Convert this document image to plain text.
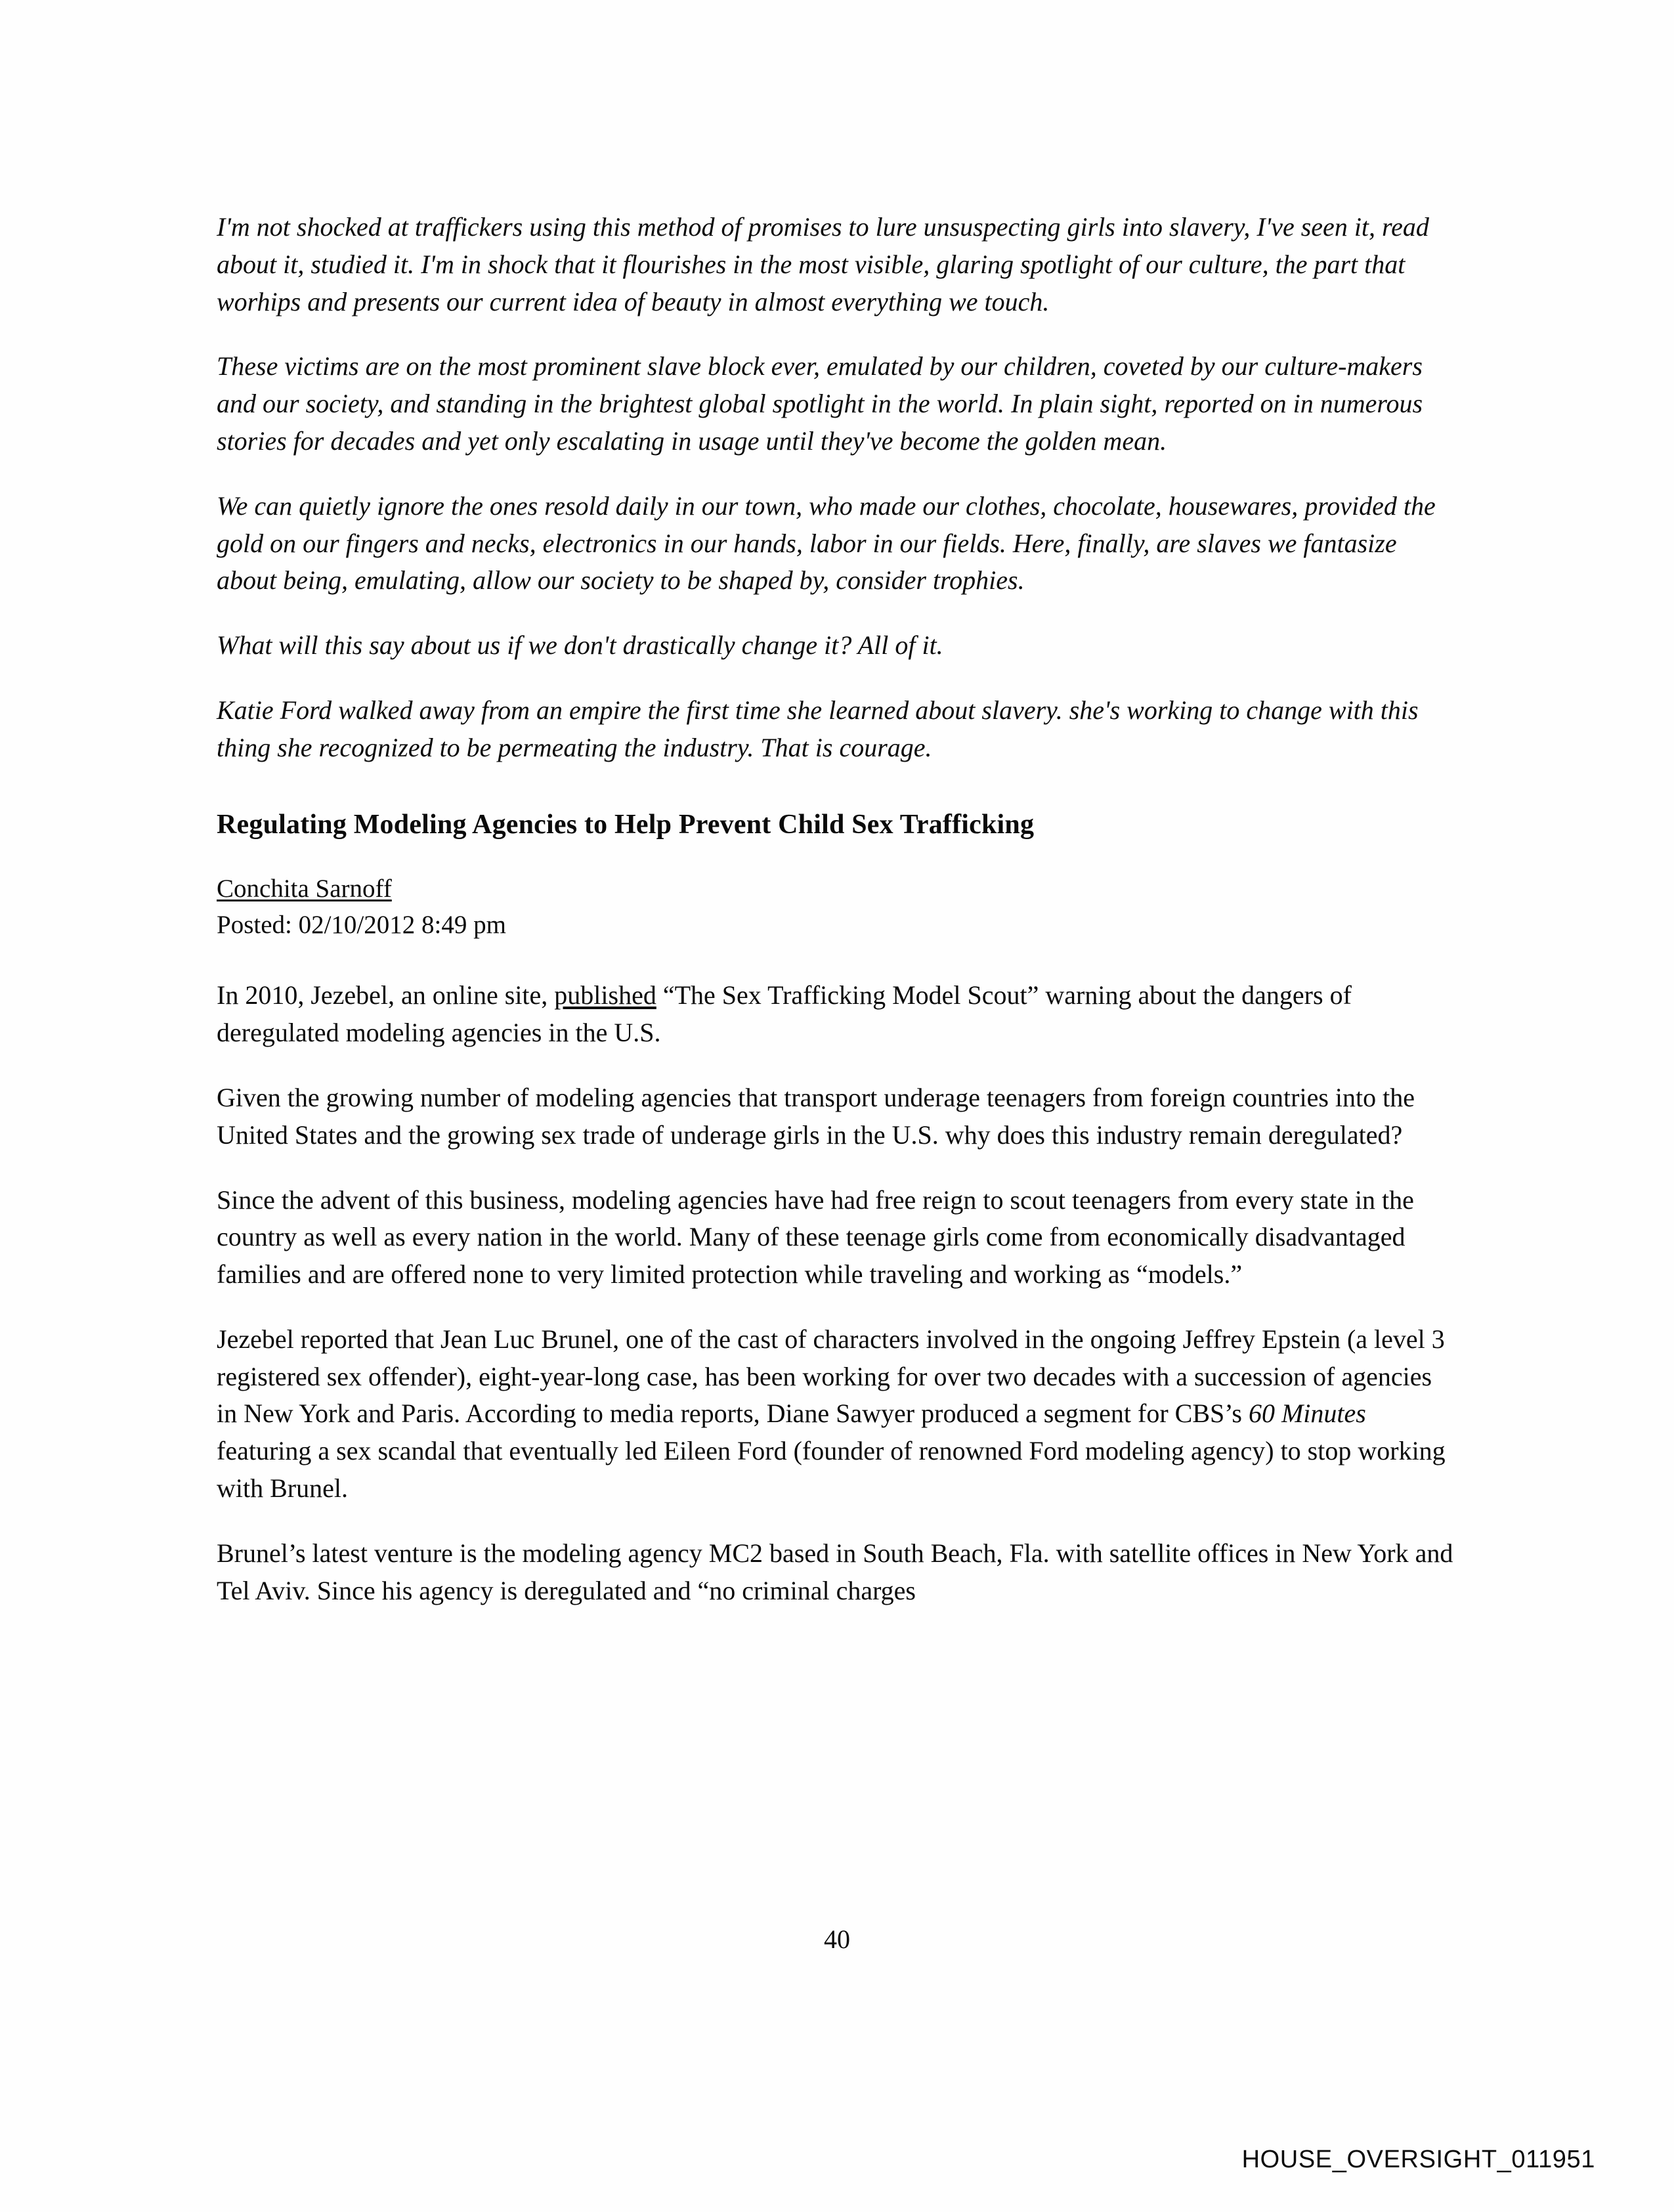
I'm not shocked at traffickers using this method of promises to lure unsuspecting girls into slavery, I've seen it, read about it, studied it. I'm in shock that it flourishes in the most visible, glaring spotlight of our culture, the part that worhips and presents our current idea of beauty in almost everything we touch.

These victims are on the most prominent slave block ever, emulated by our children, coveted by our culture-makers and our society, and standing in the brightest global spotlight in the world. In plain sight, reported on in numerous stories for decades and yet only escalating in usage until they've become the golden mean.

We can quietly ignore the ones resold daily in our town, who made our clothes, chocolate, housewares, provided the gold on our fingers and necks, electronics in our hands, labor in our fields. Here, finally, are slaves we fantasize about being, emulating, allow our society to be shaped by, consider trophies.

What will this say about us if we don't drastically change it? All of it.

Katie Ford walked away from an empire the first time she learned about slavery. she's working to change with this thing she recognized to be permeating the industry. That is courage.

Regulating Modeling Agencies to Help Prevent Child Sex Trafficking
Conchita Sarnoff
Posted: 02/10/2012 8:49 pm

In 2010, Jezebel, an online site, published “The Sex Trafficking Model Scout” warning about the dangers of deregulated modeling agencies in the U.S.

Given the growing number of modeling agencies that transport underage teenagers from foreign countries into the United States and the growing sex trade of underage girls in the U.S. why does this industry remain deregulated?

Since the advent of this business, modeling agencies have had free reign to scout teenagers from every state in the country as well as every nation in the world. Many of these teenage girls come from economically disadvantaged families and are offered none to very limited protection while traveling and working as “models.”

Jezebel reported that Jean Luc Brunel, one of the cast of characters involved in the ongoing Jeffrey Epstein (a level 3 registered sex offender), eight-year-long case, has been working for over two decades with a succession of agencies in New York and Paris. According to media reports, Diane Sawyer produced a segment for CBS’s 60 Minutes featuring a sex scandal that eventually led Eileen Ford (founder of renowned Ford modeling agency) to stop working with Brunel.

Brunel’s latest venture is the modeling agency MC2 based in South Beach, Fla. with satellite offices in New York and Tel Aviv. Since his agency is deregulated and “no criminal charges

40
HOUSE_OVERSIGHT_011951
